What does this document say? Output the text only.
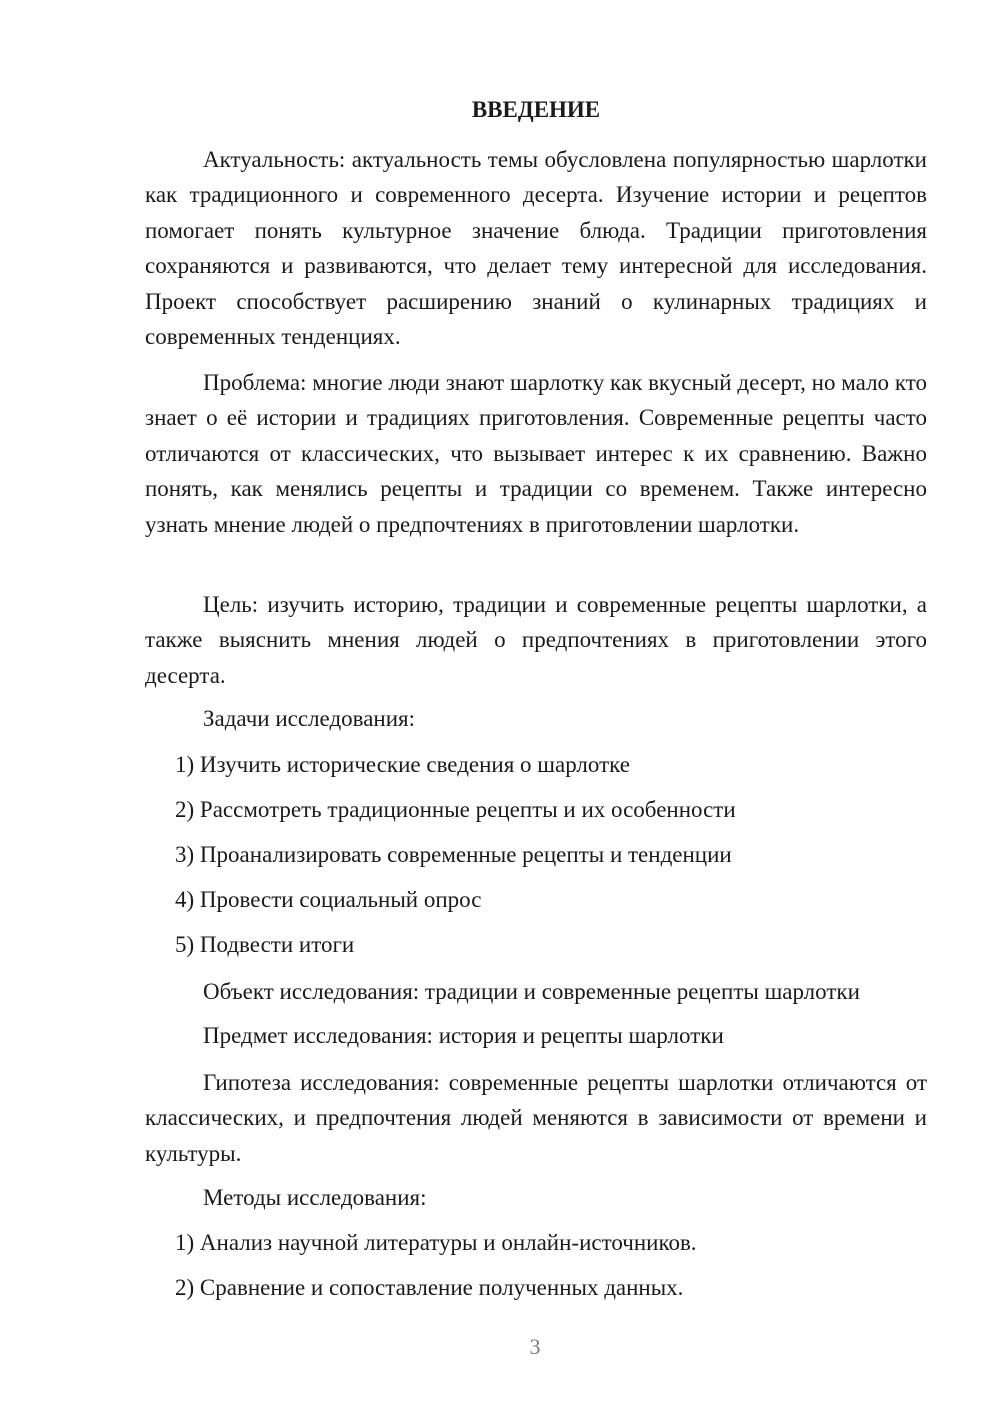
ВВЕДЕНИЕ

Актуальность: актуальность темы обусловлена популярностью шарлотки как традиционного и современного десерта. Изучение истории и рецептов помогает понять культурное значение блюда. Традиции приготовления сохраняются и развиваются, что делает тему интересной для исследования. Проект способствует расширению знаний о кулинарных традициях и современных тенденциях.

Проблема: многие люди знают шарлотку как вкусный десерт, но мало кто знает о её истории и традициях приготовления. Современные рецепты часто отличаются от классических, что вызывает интерес к их сравнению. Важно понять, как менялись рецепты и традиции со временем. Также интересно узнать мнение людей о предпочтениях в приготовлении шарлотки.

Цель: изучить историю, традиции и современные рецепты шарлотки, а также выяснить мнения людей о предпочтениях в приготовлении этого десерта.

Задачи исследования:

1) Изучить исторические сведения о шарлотке

2) Рассмотреть традиционные рецепты и их особенности

3) Проанализировать современные рецепты и тенденции

4) Провести социальный опрос

5) Подвести итоги

Объект исследования: традиции и современные рецепты шарлотки

Предмет исследования: история и рецепты шарлотки

Гипотеза исследования: современные рецепты шарлотки отличаются от классических, и предпочтения людей меняются в зависимости от времени и культуры.

Методы исследования:

1) Анализ научной литературы и онлайн-источников.

2) Сравнение и сопоставление полученных данных.

3
